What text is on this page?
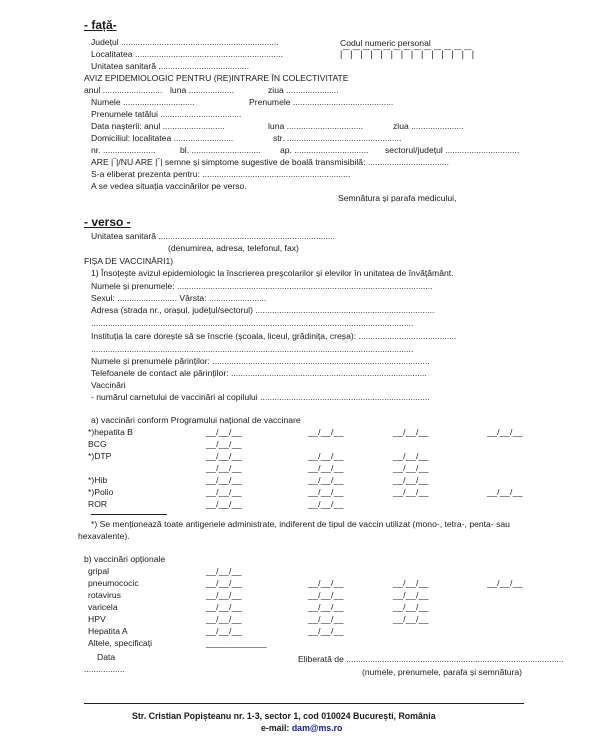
- față-
Județul ..................................................................	Codul numeric personal
|‾‾|‾‾|‾‾|‾‾|‾‾|‾‾|‾‾|‾‾|‾‾|‾‾|‾‾|‾‾|‾‾|
Localitatea ..............................................................
Unitatea sanitară ......................................
AVIZ EPIDEMIOLOGIC PENTRU (RE)INTRARE ÎN COLECTIVITATE
anul ......................... luna ...................	ziua ......................
Numele ..............................	Prenumele ..........................................
Prenumele tatălui ..................................
Data nașterii: anul ..........................	luna ................................	ziua ......................
Domiciliul: localitatea .........................	str. ................................................
nr. ......................	bl. ............................. ap. ............................... sectorul/județul ...............................
ARE |‾|/NU ARE |‾| semne și simptome sugestive de boală transmisibilă: ..................................
S-a eliberat prezenta pentru: ..............................................................
A se vedea situația vaccinărilor pe verso.
Semnătura și parafa medicului,
- verso -
Unitatea sanitară ..........................................................................
(denumirea, adresa, telefonul, fax)
FIȘA DE VACCINĂRI1)
1) Însoțește avizul epidemiologic la înscrierea preșcolarilor și elevilor în unitatea de învățământ.
Numele și prenumele: ...........................................................................................................
Sexul: ......................... Vârsta: ........................
Adresa (strada nr., orașul, județul/sectorul) ...........................................................................
.......................................................................................................................................
Instituția la care dorește să se înscrie (școala, liceul, grădinița, creșa): .........................................
.......................................................................................................................................
Numele și prenumele părinților: ...........................................................................................
Telefoanele de contact ale părinților: ..................................................................................
Vaccinări
- numărul carnetului de vaccinări al copilului .......................................................................
a) vaccinări conform Programului național de vaccinare
*)hepatita B	__/__/__	__/__/__	__/__/__	__/__/__
BCG	__/__/__
*)DTP	__/__/__	__/__/__	__/__/__
__/__/__	__/__/__	__/__/__
*)Hib	__/__/__	__/__/__	__/__/__
*)Polio	__/__/__	__/__/__	__/__/__	__/__/__
ROR	__/__/__	__/__/__
*) Se menționează toate antigenele administrate, indiferent de tipul de vaccin utilizat (mono-, tetra-, penta- sau
hexavalente).
b) vaccinări opționale
gripal	__/__/__
pneumococic	__/__/__	__/__/__	__/__/__	__/__/__
rotavirus	__/__/__	__/__/__	__/__/__
varicela	__/__/__	__/__/__	__/__/__
HPV	__/__/__	__/__/__	__/__/__
Hepatita A	__/__/__	__/__/__
Altele, specificați	____________
Data
.................
Eliberată de ...........................................................................................
(numele, prenumele, parafa și semnătura)
Str. Cristian Popișteanu nr. 1-3, sector 1, cod 010024 București, România
e-mail: dam@ms.ro
